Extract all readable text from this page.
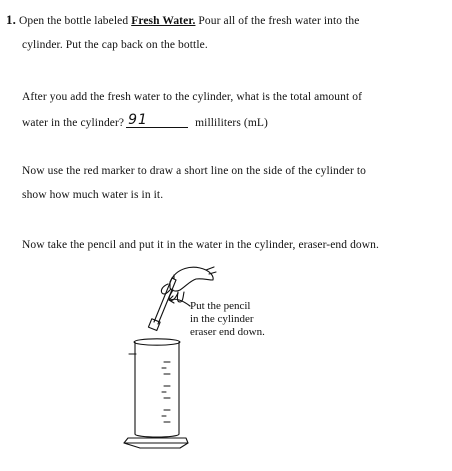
1. Open the bottle labeled Fresh Water. Pour all of the fresh water into the
cylinder. Put the cap back on the bottle.
After you add the fresh water to the cylinder, what is the total amount of
water in the cylinder? 91	milliliters (mL)
Now use the red marker to draw a short line on the side of the cylinder to
show how much water is in it.
Now take the pencil and put it in the water in the cylinder, eraser-end down.
Put the pencil
in the cylinder
eraser end down.
